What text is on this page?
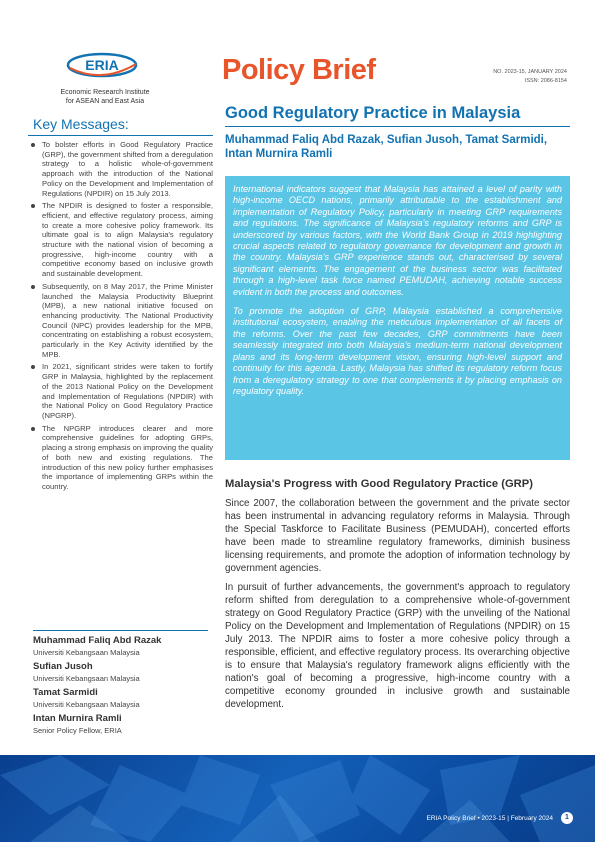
ERIA
Economic Research Institute
for ASEAN and East Asia
Policy Brief	NO. 2023-15, JANUARY 2024
ISSN: 2086-8154
Good Regulatory Practice in Malaysia
Muhammad Faliq Abd Razak, Sufian Jusoh, Tamat Sarmidi, Intan Murnira Ramli
Key Messages:
To bolster efforts in Good Regulatory Practice (GRP), the government shifted from a deregulation strategy to a holistic whole-of-government approach with the introduction of the National Policy on the Development and Implementation of Regulations (NPDIR) on 15 July 2013.
The NPDIR is designed to foster a responsible, efficient, and effective regulatory process, aiming to create a more cohesive policy framework. Its ultimate goal is to align Malaysia's regulatory structure with the national vision of becoming a progressive, high-income country with a competitive economy based on inclusive growth and sustainable development.
Subsequently, on 8 May 2017, the Prime Minister launched the Malaysia Productivity Blueprint (MPB), a new national initiative focused on enhancing productivity. The National Productivity Council (NPC) provides leadership for the MPB, concentrating on establishing a robust ecosystem, particularly in the Key Activity identified by the MPB.
In 2021, significant strides were taken to fortify GRP in Malaysia, highlighted by the replacement of the 2013 National Policy on the Development and Implementation of Regulations (NPDIR) with the National Policy on Good Regulatory Practice (NPGRP).
The NPGRP introduces clearer and more comprehensive guidelines for adopting GRPs, placing a strong emphasis on improving the quality of both new and existing regulations. The introduction of this new policy further emphasises the importance of implementing GRPs within the country.
Muhammad Faliq Abd Razak
Universiti Kebangsaan Malaysia
Sufian Jusoh
Universiti Kebangsaan Malaysia
Tamat Sarmidi
Universiti Kebangsaan Malaysia
Intan Murnira Ramli
Senior Policy Fellow, ERIA

International indicators suggest that Malaysia has attained a level of parity with high-income OECD nations, primarily attributable to the establishment and implementation of Regulatory Policy, particularly in meeting GRP requirements and regulations. The significance of Malaysia's regulatory reforms and GRP is underscored by various factors, with the World Bank Group in 2019 highlighting crucial aspects related to regulatory governance for development and growth in the country. Malaysia's GRP experience stands out, characterised by several significant elements. The engagement of the business sector was facilitated through a high-level task force named PEMUDAH, achieving notable success evident in both the process and outcomes.

To promote the adoption of GRP, Malaysia established a comprehensive institutional ecosystem, enabling the meticulous implementation of all facets of the reforms. Over the past few decades, GRP commitments have been seamlessly integrated into both Malaysia's medium-term national development plans and its long-term development vision, ensuring high-level support and continuity for this agenda. Lastly, Malaysia has shifted its regulatory reform focus from a deregulatory strategy to one that complements it by placing emphasis on regulatory quality.

Malaysia's Progress with Good Regulatory Practice (GRP)

Since 2007, the collaboration between the government and the private sector has been instrumental in advancing regulatory reforms in Malaysia. Through the Special Taskforce to Facilitate Business (PEMUDAH), concerted efforts have been made to streamline regulatory frameworks, diminish business licensing requirements, and promote the adoption of information technology by government agencies.

In pursuit of further advancements, the government's approach to regulatory reform shifted from deregulation to a comprehensive whole-of-government strategy on Good Regulatory Practice (GRP) with the unveiling of the National Policy on the Development and Implementation of Regulations (NPDIR) on 15 July 2013. The NPDIR aims to foster a more cohesive policy through a responsible, efficient, and effective regulatory process. Its overarching objective is to ensure that Malaysia's regulatory framework aligns efficiently with the nation's goal of becoming a progressive, high-income country with a competitive economy grounded in inclusive growth and sustainable development.

ERIA Policy Brief • 2023-15 | February 2024	1
